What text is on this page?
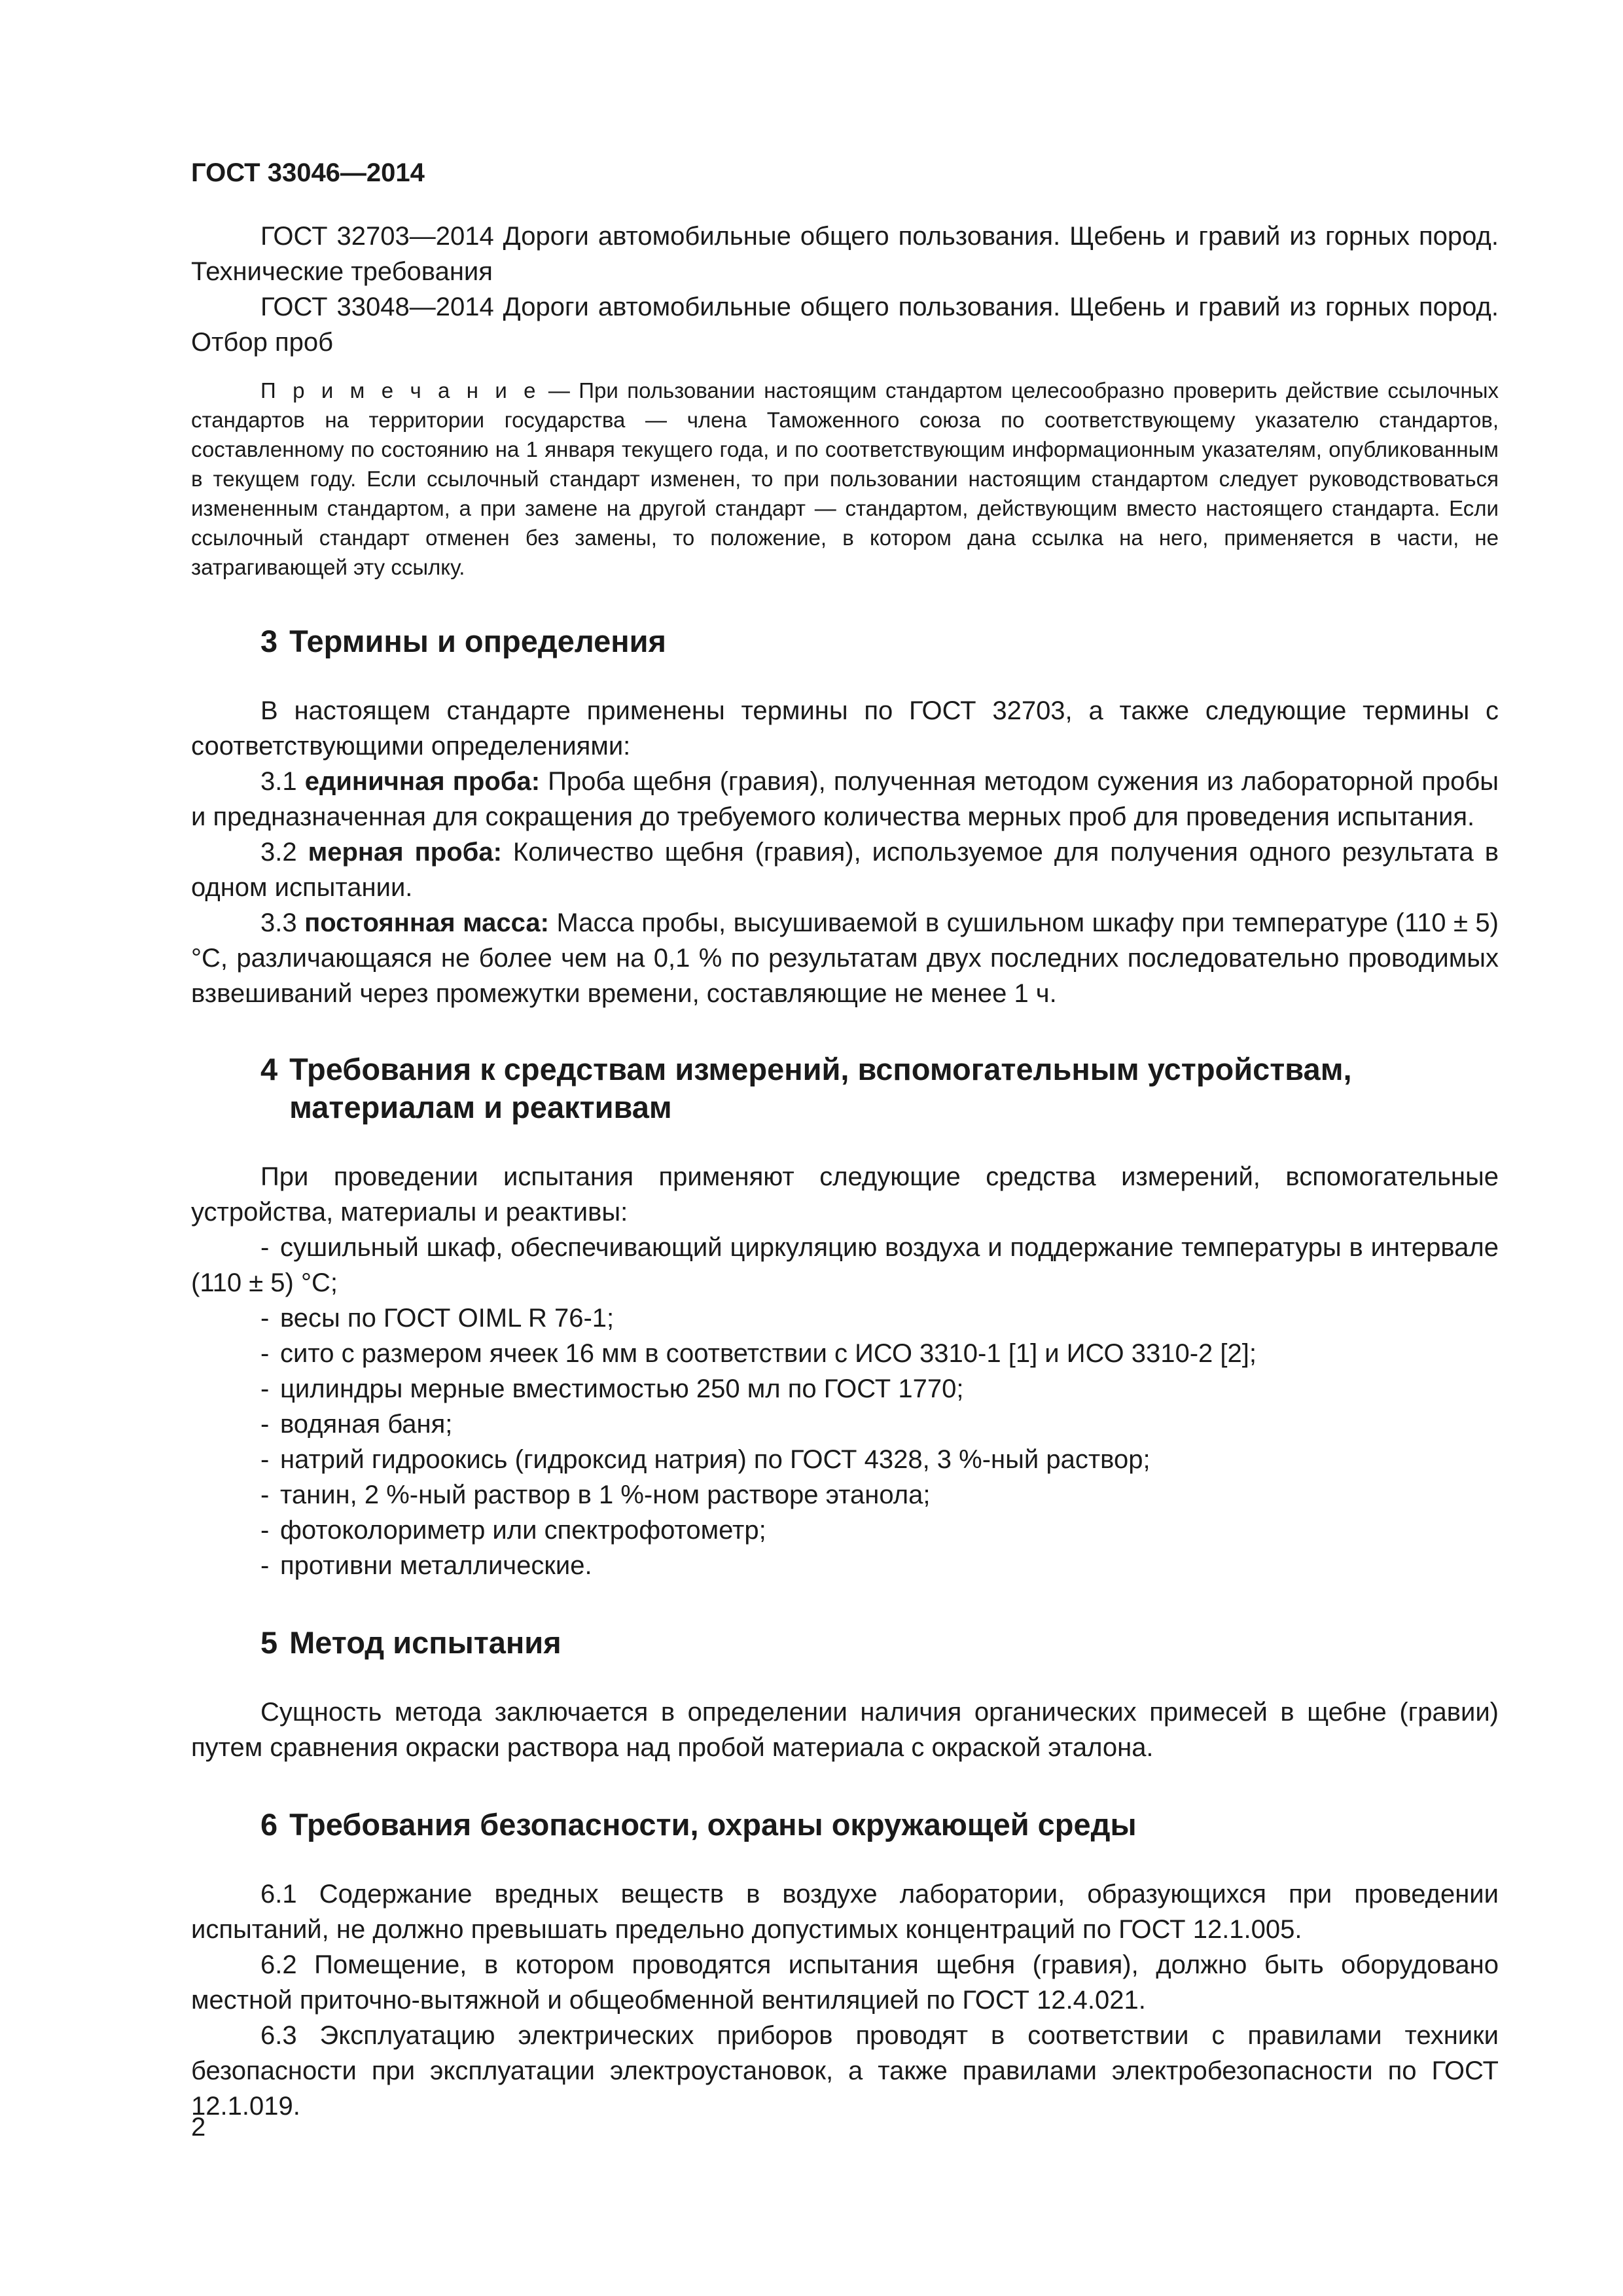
ГОСТ 33046—2014

ГОСТ 32703—2014 Дороги автомобильные общего пользования. Щебень и гравий из горных пород. Технические требования

ГОСТ 33048—2014 Дороги автомобильные общего пользования. Щебень и гравий из горных пород. Отбор проб

П р и м е ч а н и е — При пользовании настоящим стандартом целесообразно проверить действие ссылочных стандартов на территории государства — члена Таможенного союза по соответствующему указателю стандартов, составленному по состоянию на 1 января текущего года, и по соответствующим информационным указателям, опубликованным в текущем году. Если ссылочный стандарт изменен, то при пользовании настоящим стандартом следует руководствоваться измененным стандартом, а при замене на другой стандарт — стандартом, действующим вместо настоящего стандарта. Если ссылочный стандарт отменен без замены, то положение, в котором дана ссылка на него, применяется в части, не затрагивающей эту ссылку.
3 Термины и определения

В настоящем стандарте применены термины по ГОСТ 32703, а также следующие термины с соответствующими определениями:

3.1 единичная проба: Проба щебня (гравия), полученная методом сужения из лабораторной пробы и предназначенная для сокращения до требуемого количества мерных проб для проведения испытания.

3.2 мерная проба: Количество щебня (гравия), используемое для получения одного результата в одном испытании.

3.3 постоянная масса: Масса пробы, высушиваемой в сушильном шкафу при температуре (110 ± 5) °С, различающаяся не более чем на 0,1 % по результатам двух последних последовательно проводимых взвешиваний через промежутки времени, составляющие не менее 1 ч.

4 Требования к средствам измерений, вспомогательным устройствам, материалам и реактивам

При проведении испытания применяют следующие средства измерений, вспомогательные устройства, материалы и реактивы:

- сушильный шкаф, обеспечивающий циркуляцию воздуха и поддержание температуры в интервале (110 ± 5) °С;
- весы по ГОСТ OIML R 76-1;
- сито с размером ячеек 16 мм в соответствии с ИСО 3310-1 [1] и ИСО 3310-2 [2];
- цилиндры мерные вместимостью 250 мл по ГОСТ 1770;
- водяная баня;
- натрий гидроокись (гидроксид натрия) по ГОСТ 4328, 3 %-ный раствор;
- танин, 2 %-ный раствор в 1 %-ном растворе этанола;
- фотоколориметр или спектрофотометр;
- противни металлические.
5 Метод испытания

Сущность метода заключается в определении наличия органических примесей в щебне (гравии) путем сравнения окраски раствора над пробой материала с окраской эталона.

6 Требования безопасности, охраны окружающей среды

6.1 Содержание вредных веществ в воздухе лаборатории, образующихся при проведении испытаний, не должно превышать предельно допустимых концентраций по ГОСТ 12.1.005.

6.2 Помещение, в котором проводятся испытания щебня (гравия), должно быть оборудовано местной приточно-вытяжной и общеобменной вентиляцией по ГОСТ 12.4.021.

6.3 Эксплуатацию электрических приборов проводят в соответствии с правилами техники безопасности при эксплуатации электроустановок, а также правилами электробезопасности по ГОСТ 12.1.019.

2
